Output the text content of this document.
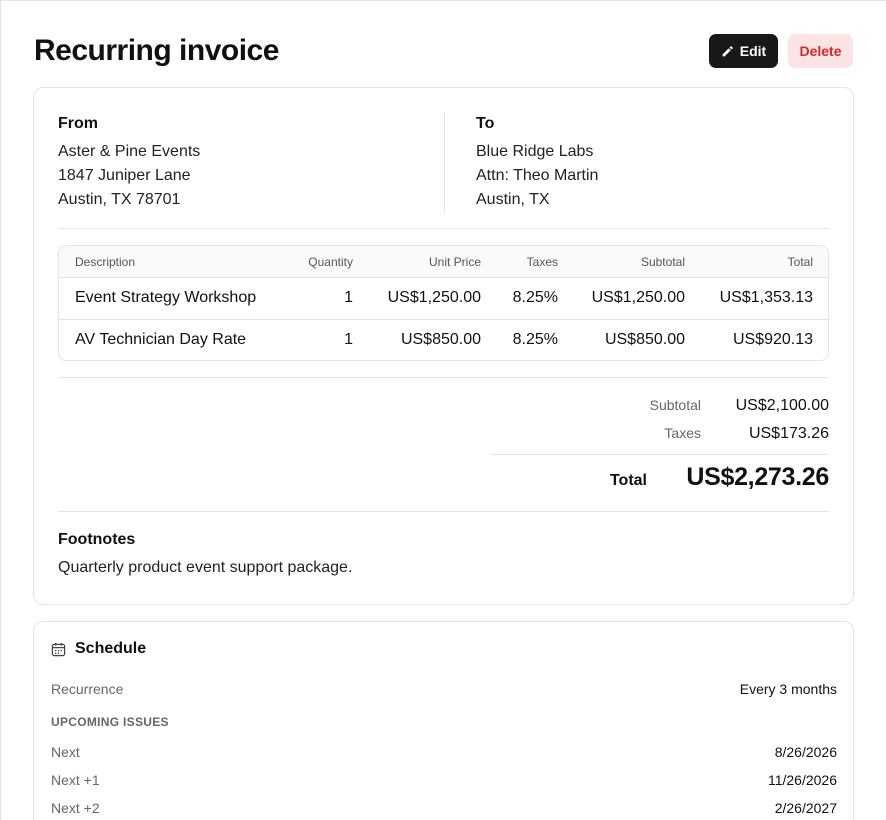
Recurring invoice	Edit Delete
From
Aster & Pine Events
1847 Juniper Lane
Austin, TX 78701
To
Blue Ridge Labs
Attn: Theo Martin
Austin, TX
Description	Quantity	Unit Price	Taxes	Subtotal	Total
Event Strategy Workshop	1 US$1,250.00 8.25% US$1,250.00 US$1,353.13
AV Technician Day Rate	1	US$850.00 8.25%	US$850.00	US$920.13
Subtotal US$2,100.00
Taxes	US$173.26
Total US$2,273.26
Footnotes
Quarterly product event support package.
Schedule
Recurrence	Every 3 months
UPCOMING ISSUES
Next	8/26/2026
Next +1	11/26/2026
Next +2	2/26/2027
